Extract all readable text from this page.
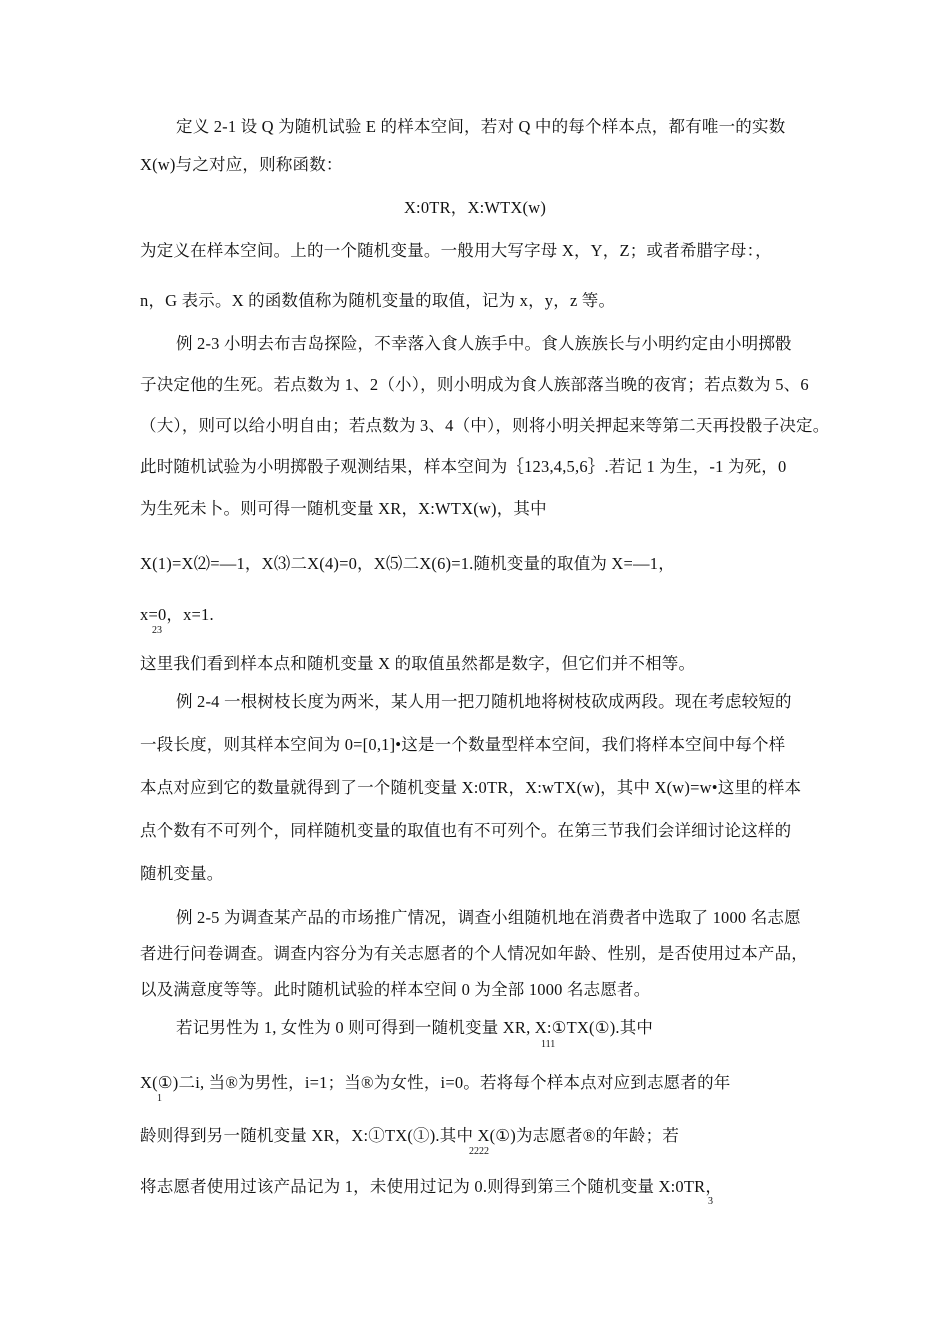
定义 2-1 设 Q 为随机试验 E 的样本空间，若对 Q 中的每个样本点，都有唯一的实数
X(w)与之对应，则称函数：
X:0TR，X:WTX(w)
为定义在样本空间。上的一个随机变量。一般用大写字母 X，Y，Z；或者希腊字母：，
n，G 表示。X 的函数值称为随机变量的取值，记为 x，y，z 等。
例 2-3 小明去布吉岛探险，不幸落入食人族手中。食人族族长与小明约定由小明掷骰
子决定他的生死。若点数为 1、2（小），则小明成为食人族部落当晚的夜宵；若点数为 5、6
（大），则可以给小明自由；若点数为 3、4（中），则将小明关押起来等第二天再投骰子决定。
此时随机试验为小明掷骰子观测结果，样本空间为｛123,4,5,6｝.若记 1 为生，-1 为死，0
为生死未卜。则可得一随机变量 XR，X:WTX(w)，其中
X(1)=X⑵=—1，X⑶二X(4)=0，X⑸二X(6)=1.随机变量的取值为 X=—1，
x=0，x=1.
23
这里我们看到样本点和随机变量 X 的取值虽然都是数字，但它们并不相等。
例 2-4 一根树枝长度为两米，某人用一把刀随机地将树枝砍成两段。现在考虑较短的
一段长度，则其样本空间为 0=[0,1]•这是一个数量型样本空间，我们将样本空间中每个样
本点对应到它的数量就得到了一个随机变量 X:0TR，X:wTX(w)，其中 X(w)=w•这里的样本
点个数有不可列个，同样随机变量的取值也有不可列个。在第三节我们会详细讨论这样的
随机变量。
例 2-5 为调查某产品的市场推广情况，调查小组随机地在消费者中选取了 1000 名志愿
者进行问卷调查。调查内容分为有关志愿者的个人情况如年龄、性别，是否使用过本产品，
以及满意度等等。此时随机试验的样本空间 0 为全部 1000 名志愿者。
若记男性为 1, 女性为 0 则可得到一随机变量 XR, X:①TX(①).其中
111
X(①)二i, 当®为男性，i=1；当®为女性，i=0。若将每个样本点对应到志愿者的年
1
龄则得到另一随机变量 XR，X:①TX(①).其中 X(①)为志愿者®的年龄；若
2222
将志愿者使用过该产品记为 1，未使用过记为 0.则得到第三个随机变量 X:0TR，
3
